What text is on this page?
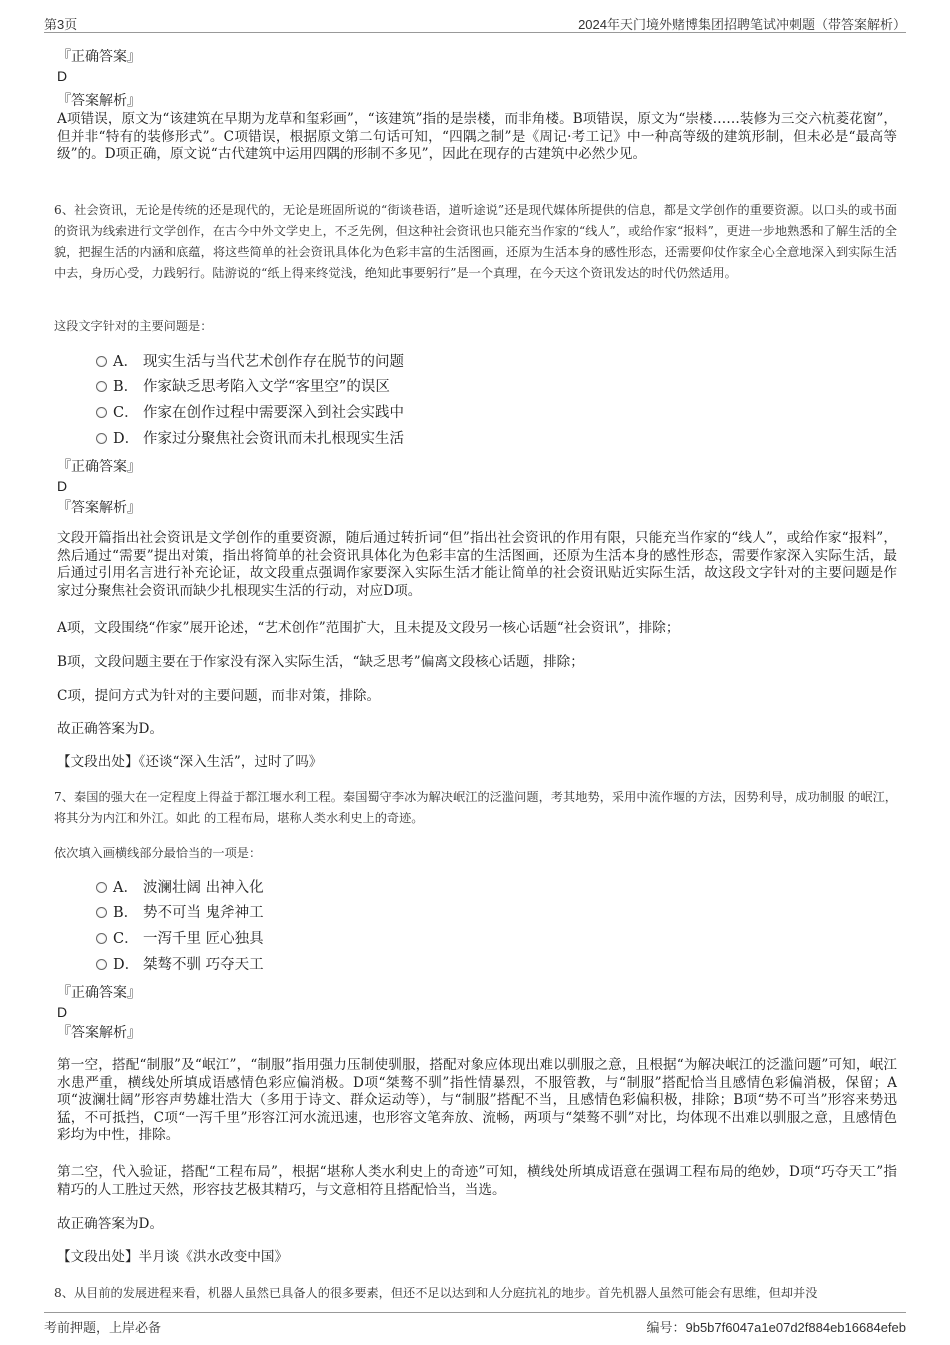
第3页	2024年天门境外赌博集团招聘笔试冲刺题（带答案解析）
『正确答案』
D
『答案解析』
A项错误，原文为“该建筑在早期为龙草和玺彩画”，“该建筑”指的是崇楼，而非角楼。B项错误，原文为“崇楼……装修为三交六杭菱花窗”，但并非“特有的装修形式”。C项错误，根据原文第二句话可知，“四隅之制”是《周记·考工记》中一种高等级的建筑形制，但未必是“最高等级”的。D项正确，原文说“古代建筑中运用四隅的形制不多见”，因此在现存的古建筑中必然少见。
6、社会资讯，无论是传统的还是现代的，无论是班固所说的“街谈巷语，道听途说”还是现代媒体所提供的信息，都是文学创作的重要资源。以口头的或书面的资讯为线索进行文学创作，在古今中外文学史上，不乏先例，但这种社会资讯也只能充当作家的“线人”，或给作家“报料”，更进一步地熟悉和了解生活的全貌，把握生活的内涵和底蕴，将这些简单的社会资讯具体化为色彩丰富的生活图画，还原为生活本身的感性形态，还需要仰仗作家全心全意地深入到实际生活中去，身历心受，力践躬行。陆游说的“纸上得来终觉浅，绝知此事要躬行”是一个真理，在今天这个资讯发达的时代仍然适用。
这段文字针对的主要问题是：
A． 现实生活与当代艺术创作存在脱节的问题
B． 作家缺乏思考陷入文学“客里空”的误区
C． 作家在创作过程中需要深入到社会实践中
D． 作家过分聚焦社会资讯而未扎根现实生活
『正确答案』
D
『答案解析』
文段开篇指出社会资讯是文学创作的重要资源，随后通过转折词“但”指出社会资讯的作用有限，只能充当作家的“线人”，或给作家“报料”，然后通过“需要”提出对策，指出将简单的社会资讯具体化为色彩丰富的生活图画，还原为生活本身的感性形态，需要作家深入实际生活，最后通过引用名言进行补充论证，故文段重点强调作家要深入实际生活才能让简单的社会资讯贴近实际生活，故这段文字针对的主要问题是作家过分聚焦社会资讯而缺少扎根现实生活的行动，对应D项。
A项，文段围绕“作家”展开论述，“艺术创作”范围扩大，且未提及文段另一核心话题“社会资讯”，排除；
B项，文段问题主要在于作家没有深入实际生活，“缺乏思考”偏离文段核心话题，排除；
C项，提问方式为针对的主要问题，而非对策，排除。
故正确答案为D。
【文段出处】《还谈“深入生活”，过时了吗》
7、秦国的强大在一定程度上得益于都江堰水利工程。秦国蜀守李冰为解决岷江的泛滥问题，考其地势，采用中流作堰的方法，因势利导，成功制服 的岷江，将其分为内江和外江。如此 的工程布局，堪称人类水利史上的奇迹。
依次填入画横线部分最恰当的一项是：
A． 波澜壮阔 出神入化
B． 势不可当 鬼斧神工
C． 一泻千里 匠心独具
D． 桀骜不驯 巧夺天工
『正确答案』
D
『答案解析』
第一空，搭配“制服”及“岷江”，“制服”指用强力压制使驯服，搭配对象应体现出难以驯服之意，且根据“为解决岷江的泛滥问题”可知，岷江水患严重，横线处所填成语感情色彩应偏消极。D项“桀骜不驯”指性情暴烈，不服管教，与“制服”搭配恰当且感情色彩偏消极，保留；A项“波澜壮阔”形容声势雄壮浩大（多用于诗文、群众运动等），与“制服”搭配不当，且感情色彩偏积极，排除；B项“势不可当”形容来势迅猛，不可抵挡，C项“一泻千里”形容江河水流迅速，也形容文笔奔放、流畅，两项与“桀骜不驯”对比，均体现不出难以驯服之意，且感情色彩均为中性，排除。
第二空，代入验证，搭配“工程布局”，根据“堪称人类水利史上的奇迹”可知，横线处所填成语意在强调工程布局的绝妙，D项“巧夺天工”指精巧的人工胜过天然，形容技艺极其精巧，与文意相符且搭配恰当，当选。
故正确答案为D。
【文段出处】半月谈《洪水改变中国》
8、从目前的发展进程来看，机器人虽然已具备人的很多要素，但还不足以达到和人分庭抗礼的地步。首先机器人虽然可能会有思维，但却并没
考前押题，上岸必备	编号：9b5b7f6047a1e07d2f884eb16684efeb
